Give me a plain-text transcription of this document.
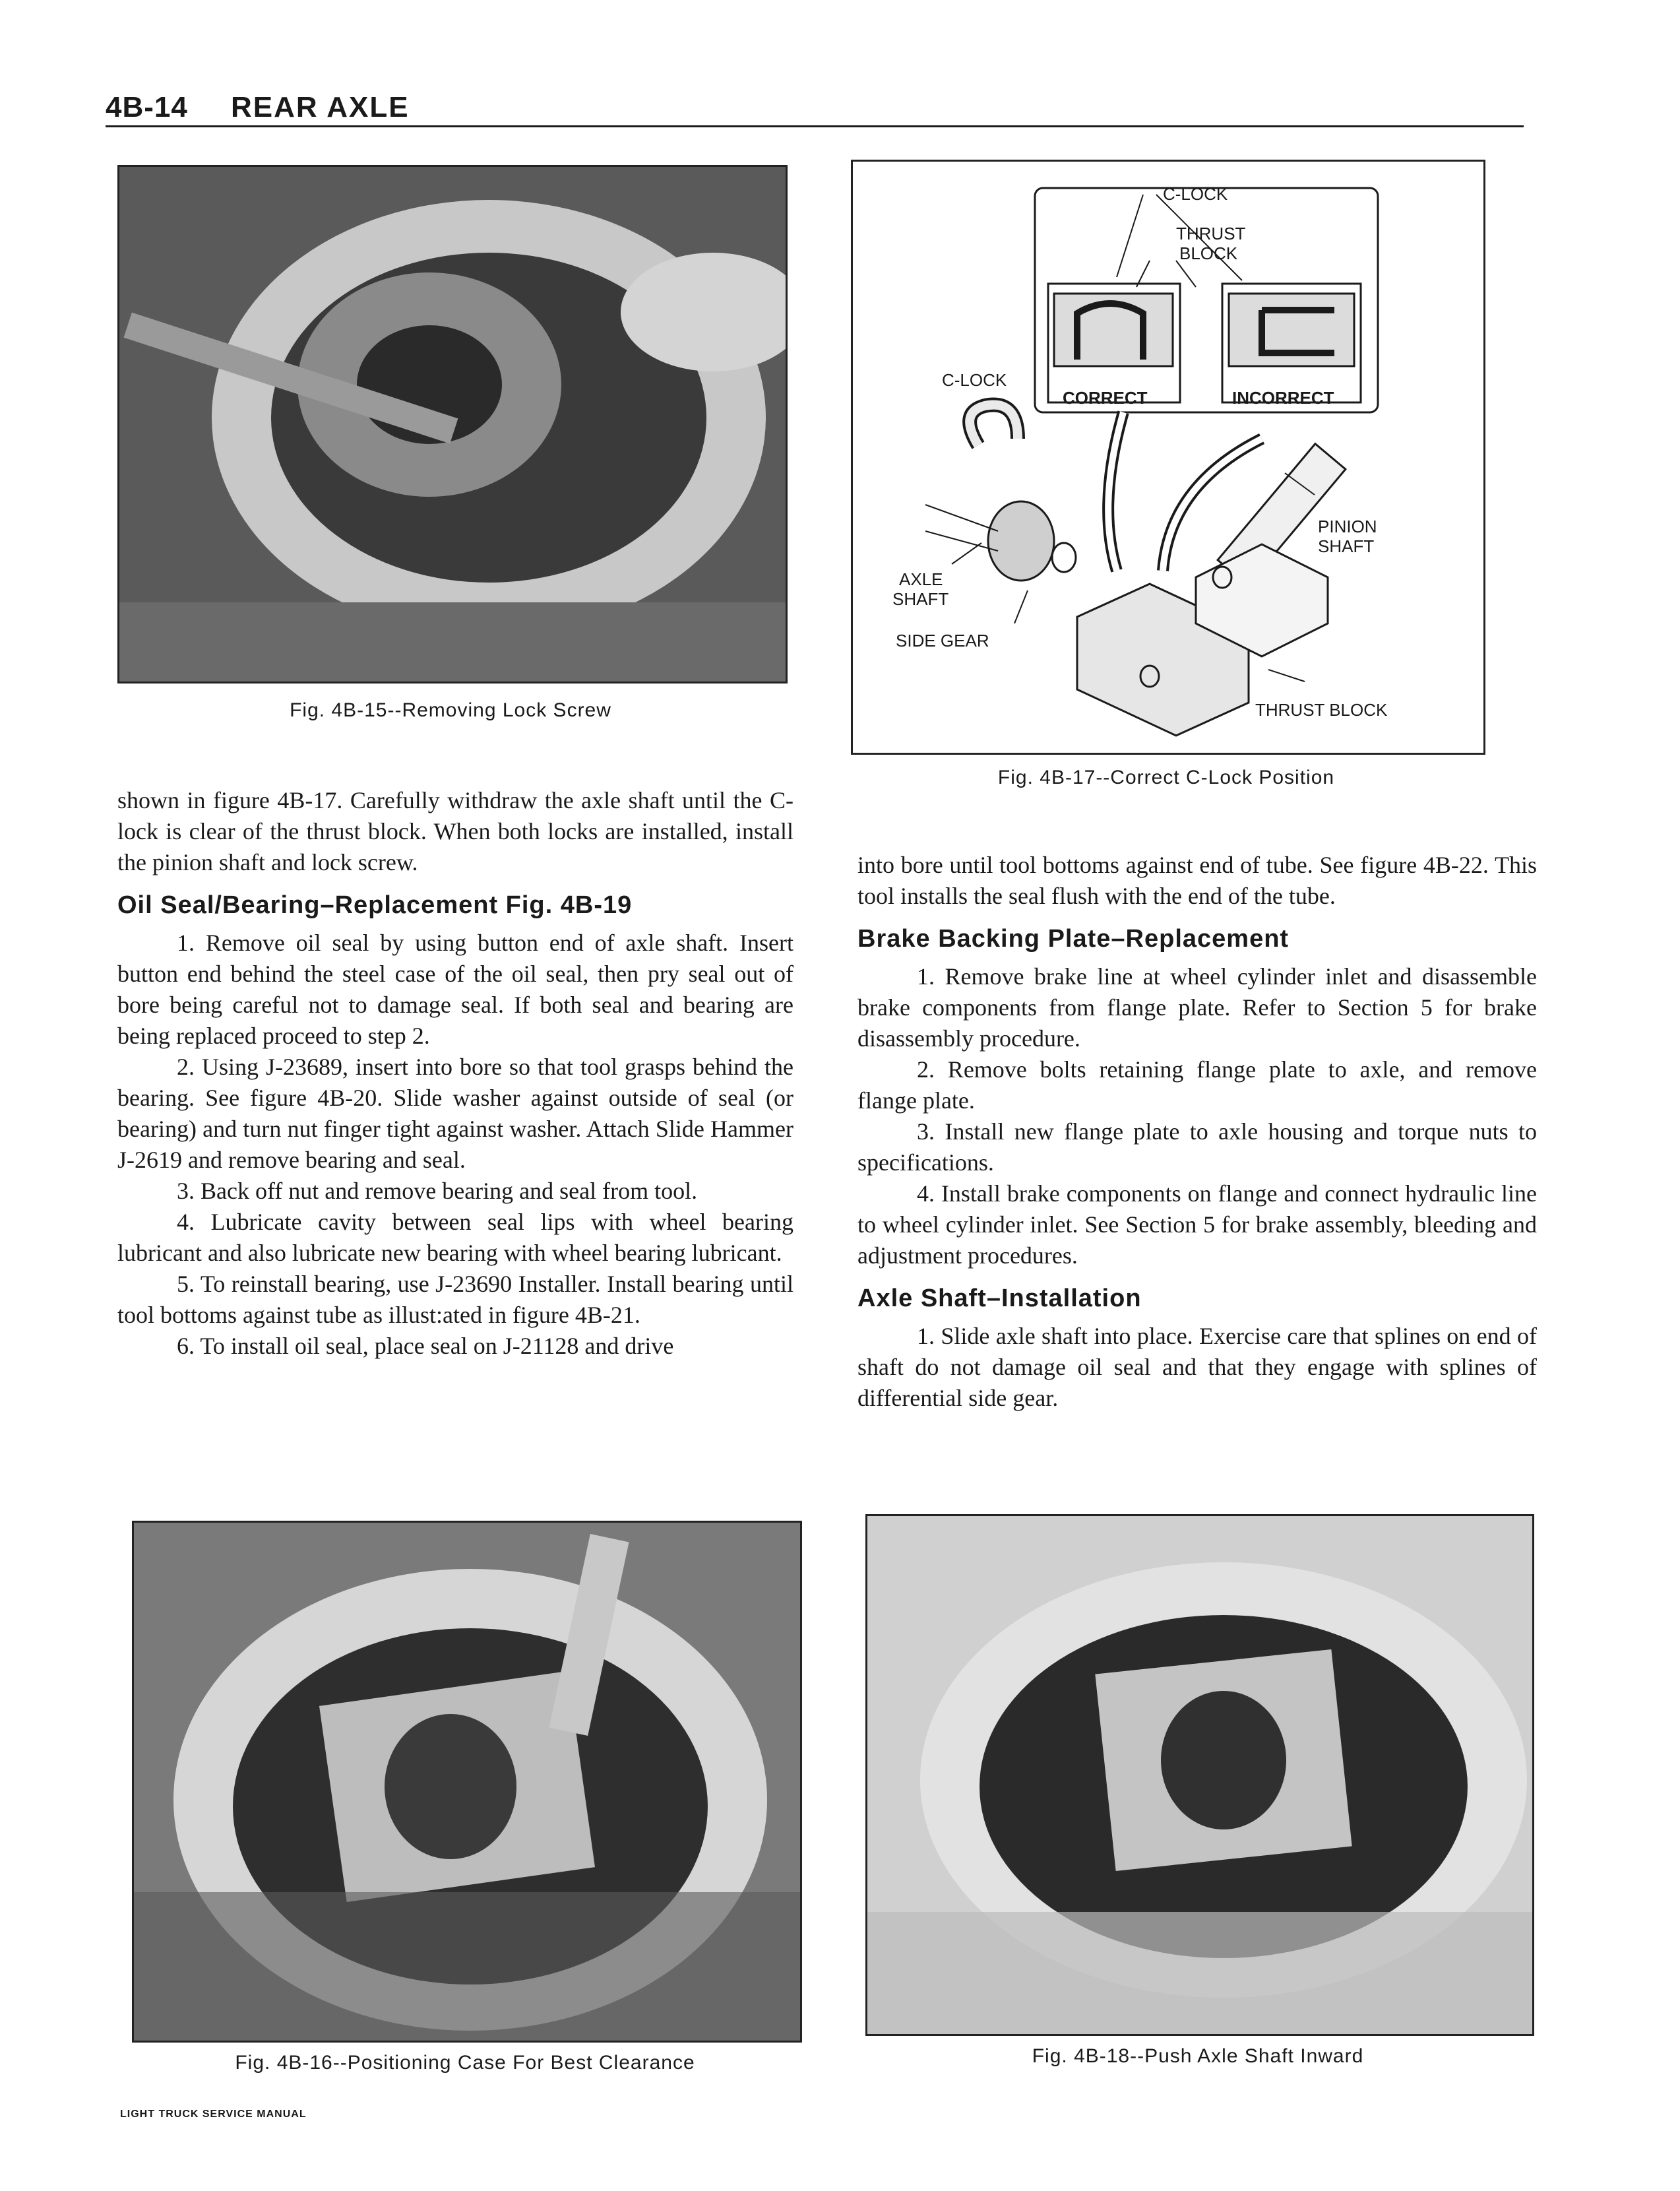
4B-14 REAR AXLE
Fig. 4B-15--Removing Lock Screw
C-LOCK
THRUST
BLOCK
C-LOCK
CORRECT	INCORRECT
PINION
SHAFT
AXLE
SHAFT
SIDE GEAR
THRUST BLOCK
Fig. 4B-17--Correct C-Lock Position

shown in figure 4B-17. Carefully withdraw the axle shaft until the C-lock is clear of the thrust block. When both locks are installed, install the pinion shaft and lock screw.

Oil Seal/Bearing–Replacement Fig. 4B-19

1. Remove oil seal by using button end of axle shaft. Insert button end behind the steel case of the oil seal, then pry seal out of bore being careful not to damage seal. If both seal and bearing are being replaced proceed to step 2.

2. Using J-23689, insert into bore so that tool grasps behind the bearing. See figure 4B-20. Slide washer against outside of seal (or bearing) and turn nut finger tight against washer. Attach Slide Hammer J-2619 and remove bearing and seal.

3. Back off nut and remove bearing and seal from tool.

4. Lubricate cavity between seal lips with wheel bearing lubricant and also lubricate new bearing with wheel bearing lubricant.

5. To reinstall bearing, use J-23690 Installer. Install bearing until tool bottoms against tube as illust:ated in figure 4B-21.

6. To install oil seal, place seal on J-21128 and drive

into bore until tool bottoms against end of tube. See figure 4B-22. This tool installs the seal flush with the end of the tube.

Brake Backing Plate–Replacement

1. Remove brake line at wheel cylinder inlet and disassemble brake components from flange plate. Refer to Section 5 for brake disassembly procedure.

2. Remove bolts retaining flange plate to axle, and remove flange plate.

3. Install new flange plate to axle housing and torque nuts to specifications.

4. Install brake components on flange and connect hydraulic line to wheel cylinder inlet. See Section 5 for brake assembly, bleeding and adjustment procedures.

Axle Shaft–Installation

1. Slide axle shaft into place. Exercise care that splines on end of shaft do not damage oil seal and that they engage with splines of differential side gear.

Fig. 4B-16--Positioning Case For Best Clearance	Fig. 4B-18--Push Axle Shaft Inward
LIGHT TRUCK SERVICE MANUAL
